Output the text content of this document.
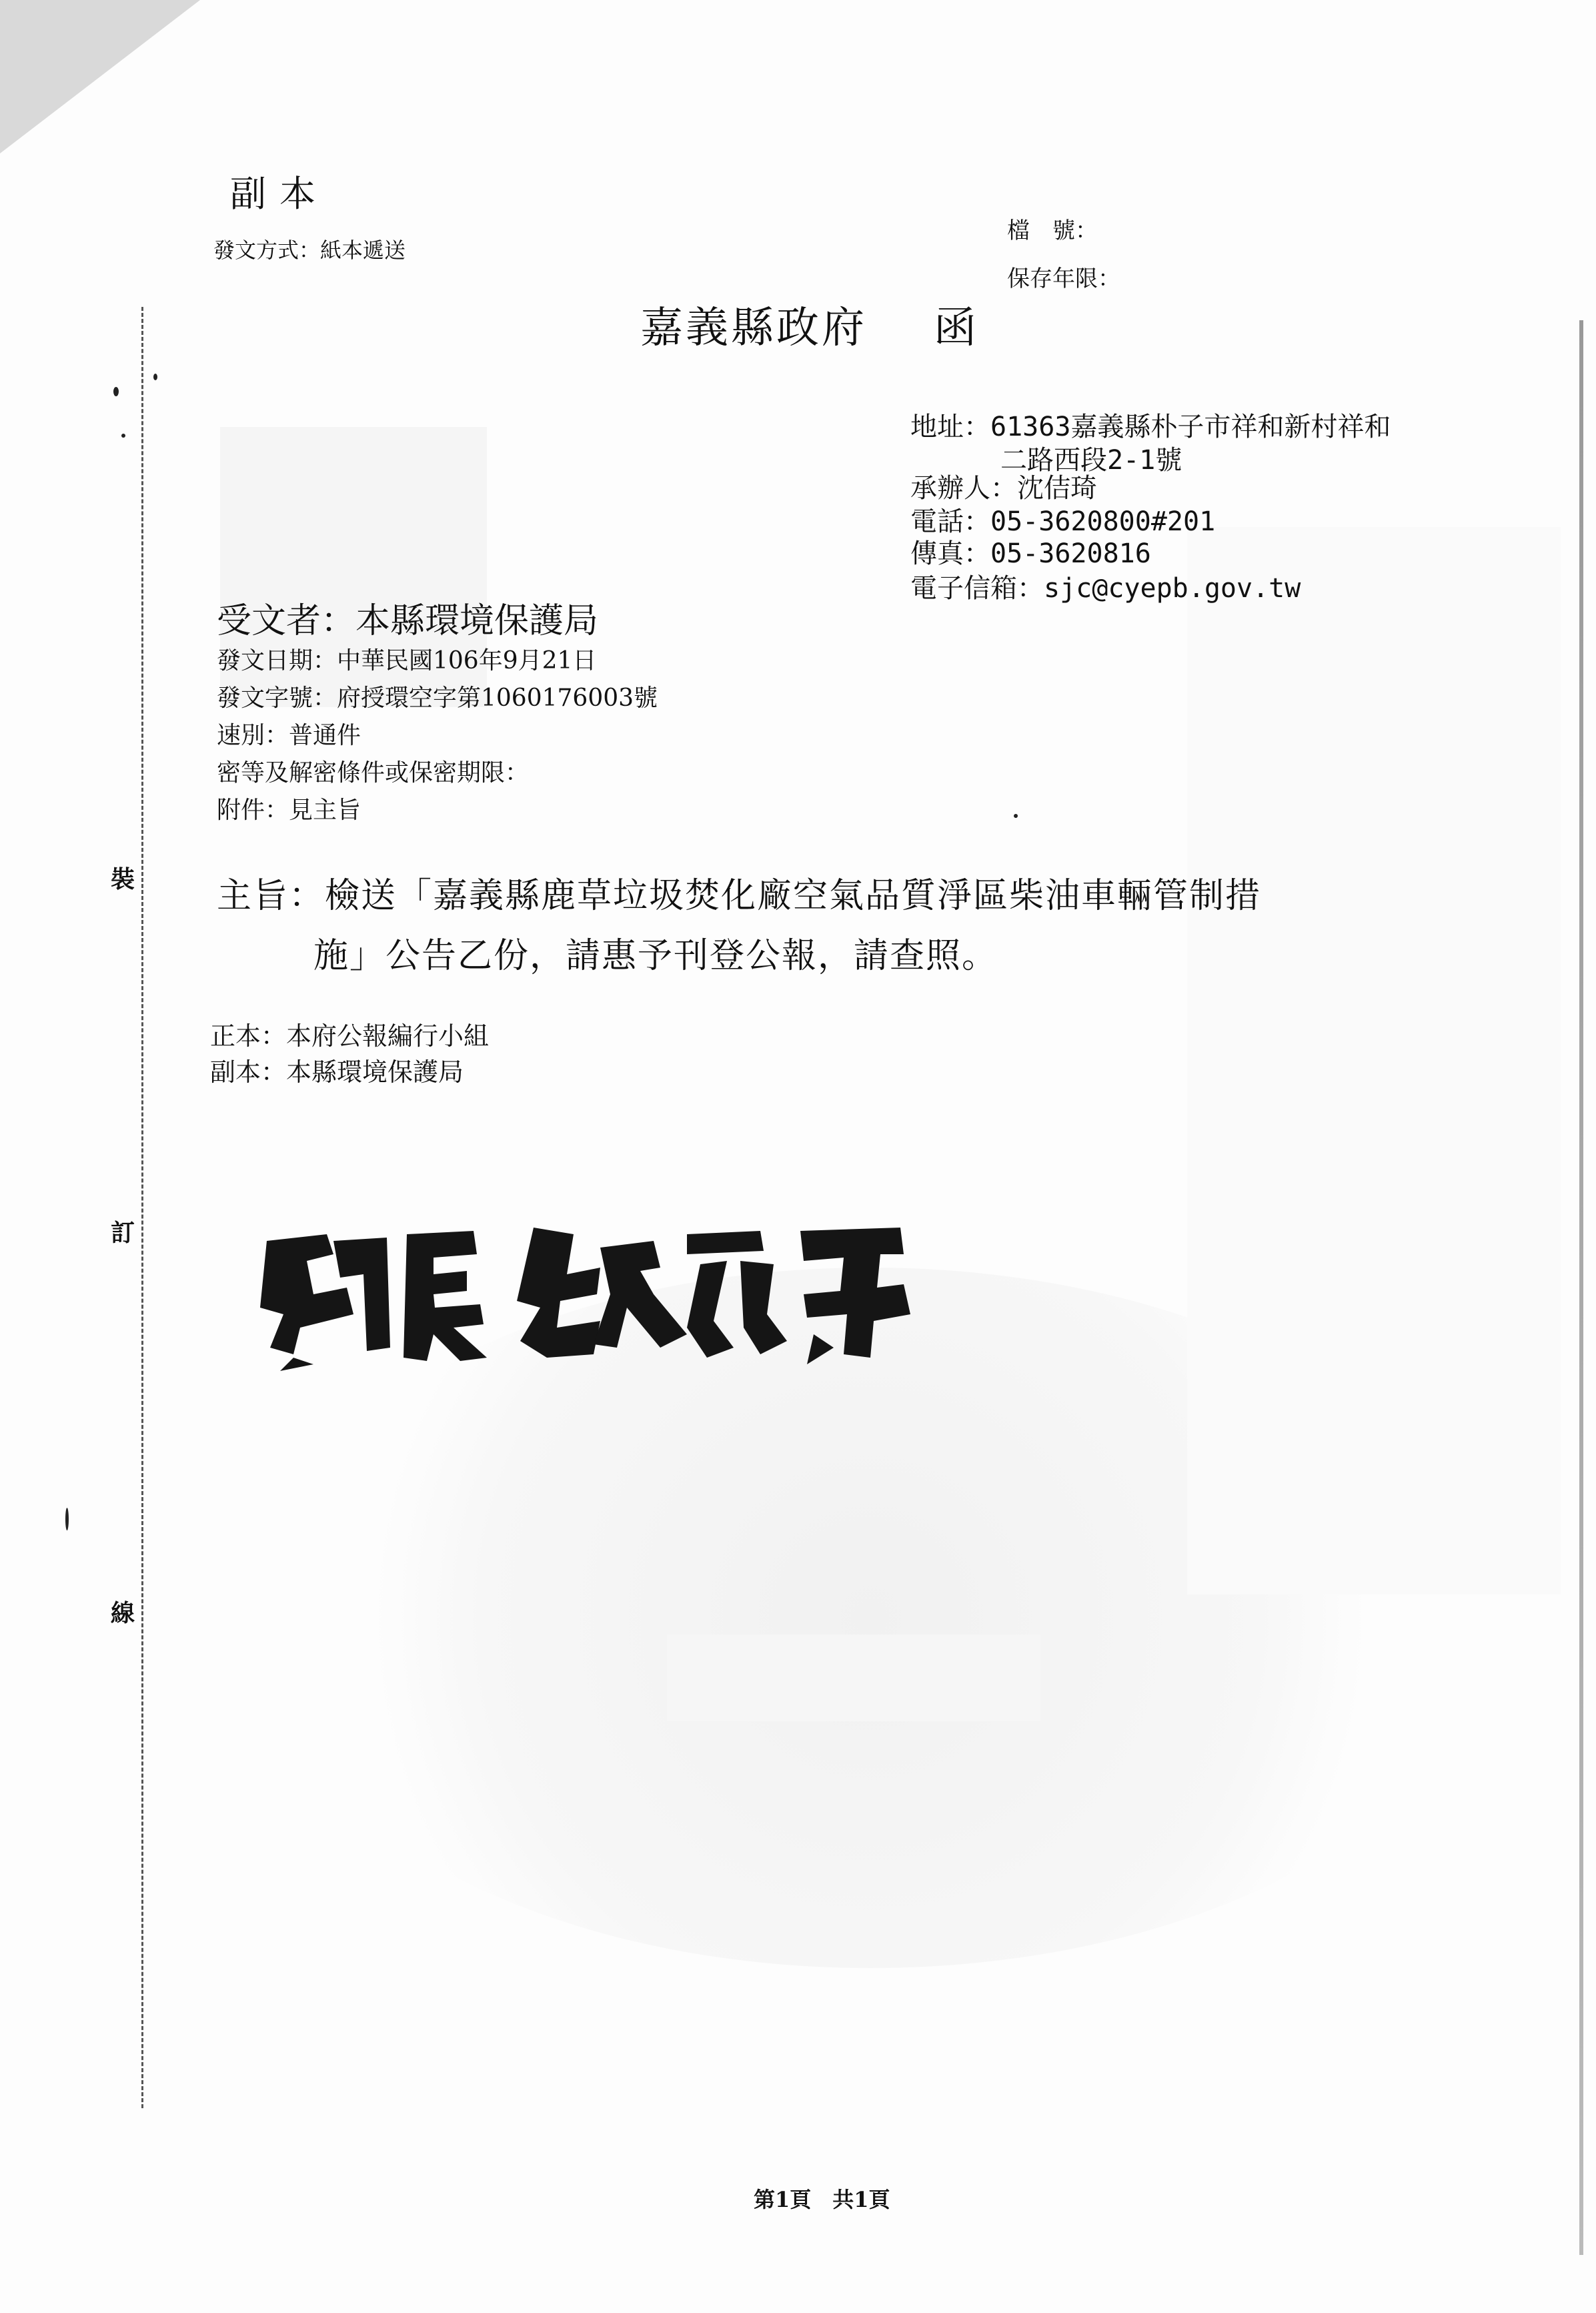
裝
訂
線
副本
發文方式：紙本遞送
檔　號：
保存年限：
嘉義縣政府 函
地址：61363嘉義縣朴子市祥和新村祥和
二路西段2-1號
承辦人：沈佶琦
電話：05-3620800#201
傳真：05-3620816
電子信箱：sjc@cyepb.gov.tw
受文者：本縣環境保護局
發文日期：中華民國106年9月21日
發文字號：府授環空字第1060176003號
速別：普通件
密等及解密條件或保密期限：
附件：見主旨
主旨：檢送「嘉義縣鹿草垃圾焚化廠空氣品質淨區柴油車輛管制措
施」公告乙份，請惠予刊登公報，請查照。
正本：本府公報編行小組
副本：本縣環境保護局
第1頁　共1頁
